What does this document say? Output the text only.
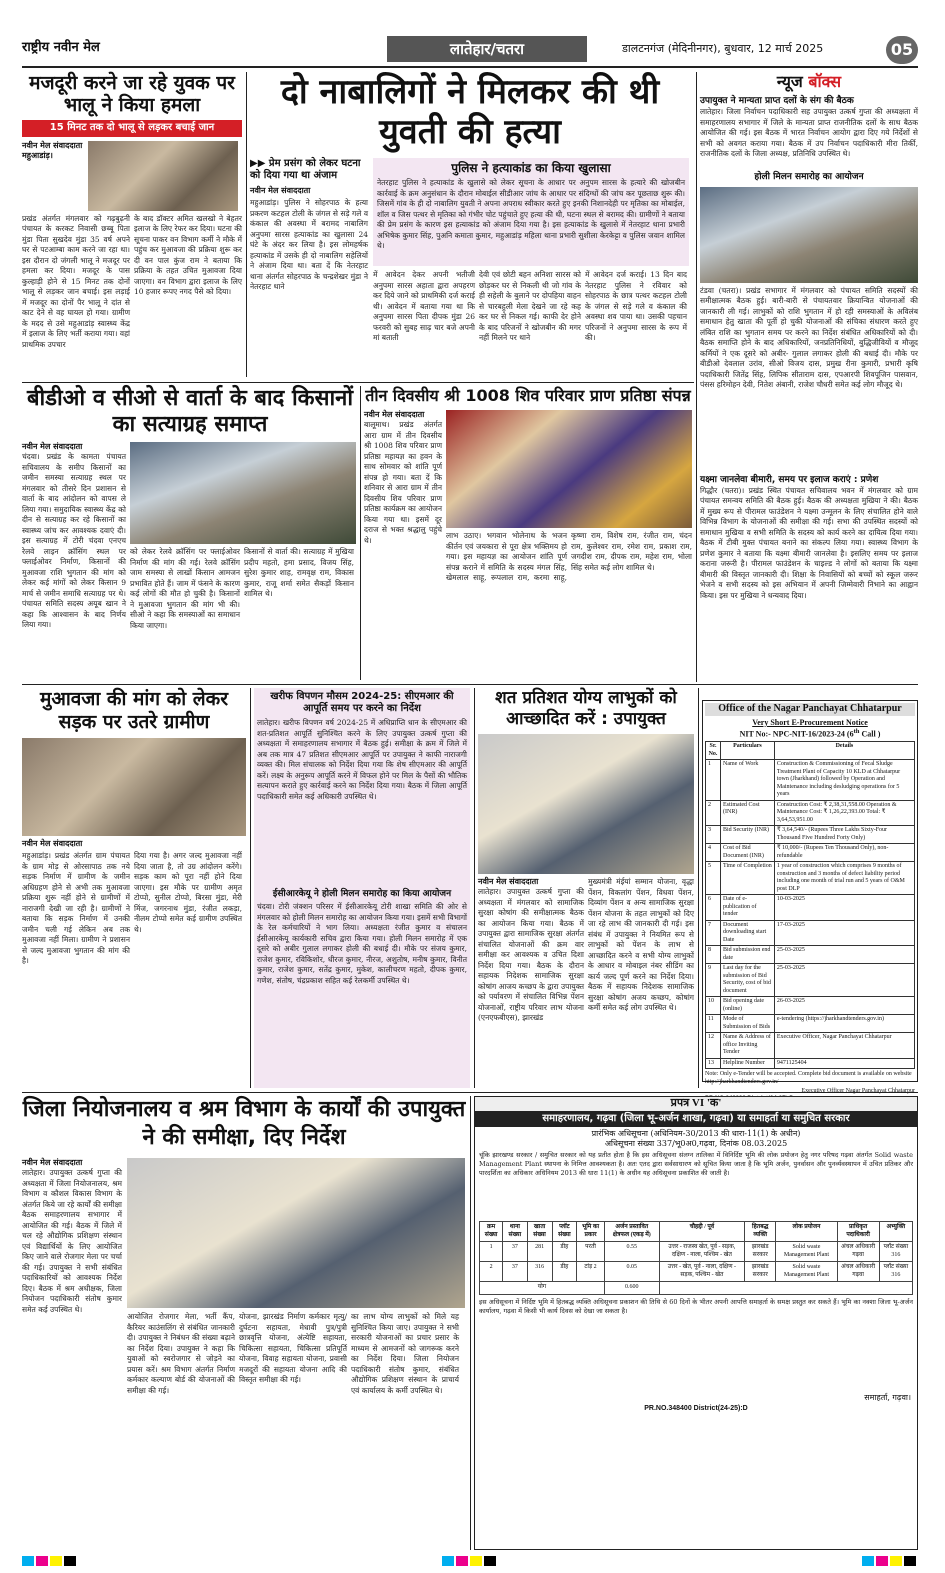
राष्ट्रीय नवीन मेल	लातेहार/चतरा	डालटनगंज (मेदिनीनगर), बुधवार, 12 मार्च 2025	05
मजदूरी करने जा रहे युवक पर भालू ने किया हमला
15 मिनट तक दो भालू से लड़कर बचाई जान
नवीन मेल संवाददाता
महुआडांड़।
प्रखंड अंतर्गत मंगलवार को गढ़बुढ़नी पंचायत के करकट निवासी छब्बू पिता मुंडा पिता सुखदेव मुंडा 35 वर्ष अपने घर से पटआम्बा काम करने जा रहा था। इस दौरान दो जंगली भालू ने मजदूर पर हमला कर दिया। मजदूर के पास कुल्हाड़ी होने से 15 मिनट तक दोनों भालू से लड़कर जान बचाई। इस लड़ाई में मजदूर का दोनों पैर भालू ने दांत से काट देने से वह घायल हो गया। ग्रामीण के मदद से उसे महुआडांड़ स्वास्थ्य केंद्र में इलाज के लिए भर्ती कराया गया। वहां प्राथमिक उपचार
के बाद डॉक्टर अमित खलखो ने बेहतर इलाज के लिए रेफर कर दिया। घटना की सूचना पाकर वन विभाग कर्मी ने मौके में पहुंच कर मुआवजा की प्रक्रिया शुरू कर दी वन पाल कुंज राम ने बताया कि प्रक्रिया के तहत उचित मुआवजा दिया जाएगा। वन विभाग द्वारा इलाज के लिए 10 हजार रूपए नगद पैसे को दिया।
दो नाबालिगों ने मिलकर की थी युवती की हत्या
▶▶ प्रेम प्रसंग को लेकर घटना को दिया गया था अंजाम
नवीन मेल संवाददाता
महुआडांड़। पुलिस ने सोहरपाठ के हत्या प्रकरण कटहल टोली के जंगल से सड़े गले व कंकाल की अवस्था में बरामद नाबालिग अनुपमा सारस हत्याकांड का खुलासा 24 घंटे के अंदर कर लिया है। इस लोमहर्षक हत्याकांड में उसके ही दो नाबालिग सहेलियों ने अंजाम दिया था। बता दें कि नेतरहाट थाना अंतर्गत सोहरपाठ के चन्द्रशेखर मुंडा ने नेतरहाट थाने
पुलिस ने हत्याकांड का किया खुलासा
नेतरहाट पुलिस ने हत्याकांड के खुलासे को लेकर सूचना के आधार पर अनुपम सारस के हत्यारे की खोजबीन कार्रवाई के क्रम अनुसंधान के दौरान मोबाईल सीडीआर जांच के आधार पर संदिग्धों की जांच कर पूछताछ शुरू की। जिसमें गांव के ही दो नाबालिग युवती ने अपना अपराध स्वीकार करते हुए इनकी निशानदेही पर मृतिका का मोबाईल, शॉल व जिस पत्थर से मृतिका को गंभीर चोट पहुंचाते हुए हत्या की थी, घटना स्थल से बरामद की। ग्रामीणों ने बताया की प्रेम प्रसंग के कारण इस हत्याकांड को अंजाम दिया गया है। इस हत्याकांड के खुलासे में नेतरहाट थाना प्रभारी अभिषेक कुमार सिंह, पुअनि कमाता कुमार, महुआडांड़ महिला थाना प्रभारी सुशीला केरकेट्टा व पुलिस जवान शामिल थे।
में आवेदन देकर अपनी भतीजी अनुपमा सारस अहाता द्वारा अपहरण कर दिये जाने को प्राथमिकी दर्ज कराई थी। आवेदन में बताया गया था कि अनुपमा सारस पिता दीपक मुंडा 26 फरवरी को सुबह साढ़ चार बजे अपनी मां बताती
देवी एवं छोटी बहन अनिशा सारस को छोड़कर घर से निकली थी जो गांव के ही सहेली के बुलाने पर दोपहिया वाहन से चारबहुली मेला देखने जा रहे कह कर घर से निकल गई। काफी देर होने के बाद परिजनों ने खोजबीन की मगर नहीं मिलने पर थाने
में आवेदन दर्ज कराई। 13 दिन बाद नेतरहाट पुलिस ने रविवार को सोहरपाठ के छात्र पत्थर कटहल टोली के जंगल से सड़े गले व कंकाल की अवस्था शव पाया था। उसकी पहचान परिजनों ने अनुपमा सारस के रूप में की।
न्यूज बॉक्स
उपायुक्त ने मान्यता प्राप्त दलों के संग की बैठक
लातेहार। जिला निर्वाचन पदाधिकारी सह उपायुक्त उत्कर्ष गुप्ता की अध्यक्षता में समाहरणालय सभागार में जिले के मान्यता प्राप्त राजनीतिक दलों के साथ बैठक आयोजित की गई। इस बैठक में भारत निर्वाचन आयोग द्वारा दिए गये निर्देशों से सभी को अवगत कराया गया। बैठक में उप निर्वाचन पदाधिकारी मीरा तिर्की, राजनीतिक दलों के जिला अध्यक्ष, प्रतिनिधि उपस्थित थे।
होली मिलन समारोह का आयोजन
टंडवा (चतरा)। प्रखंड सभागार में मंगलवार को पंचायत समिति सदस्यों की समीक्षात्मक बैठक हुई। बारी-बारी से पंचायतवार क्रियान्वित योजनाओं की जानकारी ली गई। लाभुकों को राशि भुगतान में हो रही समस्याओं के अविलंब समाधान हेतु खाता की पूर्ती हो चुकी योजनाओं की संचिका संधारण करते हुए लंबित राशि का भुगतान समय पर करने का निर्देश संबंधित अधिकारियों को दी। बैठक समाप्ति होने के बाद अधिकारियों, जनप्रतिनिधियों, बुद्धिजीवियों व मौजूद कर्मियों ने एक दूसरे को अबीर- गुलाल लगाकर होली की बधाई दी। मौके पर बीडीओ देवलाल उरांव, सीओ विजय दास, प्रमुख रीना कुमारी, प्रभारी कृषि पदाधिकारी जितेंद्र सिंह, लिपिक सीताराम दास, एपआरपी शिवपूजिन पासवान, पंसस हरिमोहन देवी, नितेश अंबानी, राजेश चौधरी समेत कई लोग मौजूद थे।
यक्ष्मा जानलेवा बीमारी, समय पर इलाज कराएं : प्रणेश
गिद्धौर (चतरा)। प्रखंड स्थित पंचायत सचिवालय भवन में मंगलवार को ग्राम पंचायत समन्वय समिति की बैठक हुई। बैठक की अध्यक्षता मुखिया ने की। बैठक में मुख्य रूप से पीरामल फाउंडेशन ने यक्ष्मा उन्मूलन के लिए संचालित होने वाले विभिन्न विभाग के योजनाओं की समीक्षा की गई। सभा की उपस्थित सदस्यों को समाधान मुखिया व सभी समिति के सदस्य को कार्य करने का दायित्व दिया गया। बैठक में टीबी मुक्त पंचायत बनाने का संकल्प लिया गया। स्वास्थ्य विभाग के प्रणेश कुमार ने बताया कि यक्ष्मा बीमारी जानलेवा है। इसलिए समय पर इलाज कराना जरूरी है। पीरामल फाउंडेशन के चाइल्ड ने लोगों को बताया कि यक्ष्मा बीमारी की विस्तृत जानकारी दी। शिक्षा के निवासियों को बच्चों को स्कूल जरूर भेजने व सभी सदस्य को इस अभियान में अपनी जिम्मेवारी निभाने का आह्वान किया। इस पर मुखिया ने धन्यवाद दिया।
बीडीओ व सीओ से वार्ता के बाद किसानों का सत्याग्रह समाप्त
नवीन मेल संवाददाता
चंदवा। प्रखंड के कामता पंचायत सचिवालय के समीप किसानों का जमीन समस्या सत्याग्रह स्थल पर मंगलवार को तीसरे दिन प्रशासन से वार्ता के बाद आंदोलन को वापस ले लिया गया। समुदायिक स्वास्थ्य केंद्र को दीन से सत्याग्रह कर रहे किसानों का स्वास्थ्य जांच कर आवश्यक दवाएं दी। इस सत्याग्रह में टोरी चंदवा एनएच रेलवे लाइन क्रॉसिंग स्थल पर फ्लाईओवर निर्माण, किसानों की मुआवजा राशि भुगतान की मांग को लेकर कई मांगों को लेकर किसान 9 मार्च से जमीन समाधि सत्याग्रह पर थे। पंचायत समिति सदस्य अयूब खान ने कहा कि आश्वासन के बाद निर्णय लिया गया।
को लेकर रेलवे क्रॉसिंग पर फ्लाईओवर निर्माण की मांग की गई। रेलवे क्रॉसिंग जाम समस्या से लाखों किसान आमजन प्रभावित होते हैं। जाम में फंसने के कारण कई लोगों की मौत हो चुकी है। किसानों ने मुआवजा भुगतान की मांग भी की। सीओ ने कहा कि समस्याओं का समाधान किया जाएगा।
किसानों से वार्ता की। सत्याग्रह में मुखिया प्रदीप महतो, हमा प्रसाद, विजय सिंह, सुरेश कुमार शाह, रामवृक्ष राम, विकास कुमार, राजू शर्मा समेत सैकड़ों किसान शामिल थे।
तीन दिवसीय श्री 1008 शिव परिवार प्राण प्रतिष्ठा संपन्न
नवीन मेल संवाददाता
बालूमाथ। प्रखंड अंतर्गत आरा ग्राम में तीन दिवसीय श्री 1008 शिव परिवार प्राण प्रतिष्ठा महायज्ञ का हवन के साथ सोमवार को शांति पूर्ण संपन्न हो गया। बता दें कि शनिवार से आरा ग्राम में तीन दिवसीय शिव परिवार प्राण प्रतिष्ठा कार्यक्रम का आयोजन किया गया था। इसमें दूर दराज से भक्त श्रद्धालु पहुंचे थे।	लाभ उठाए। भगवान भोलेनाथ के भजन कीर्तन एवं जयकारा से पूरा क्षेत्र भक्तिमय हो गया। इस महायज्ञ का आयोजन शांति पूर्ण संपन्न कराने में समिति के सदस्य मंगल सिंह, खेमलाल साहू, रूपलाल राम, करमा साहू, कृष्णा राम, विशेष राम, रंजीत राम, चंदन राम, कुलेश्वर राम, रमेश राम, प्रकाश राम, जगदीश राम, दीपक राम, महेश राम, भोला सिंह समेत कई लोग शामिल थे।
मुआवजा की मांग को लेकर सड़क पर उतरे ग्रामीण
नवीन मेल संवाददाता
महुआडांड़। प्रखंड अंतर्गत ग्राम पंचायत के ग्राम मोड़ से ओरसापाठ तक नये सड़क निर्माण में ग्रामीण के जमीन अधिग्रहण होने से अभी तक मुआवजा प्रक्रिया शुरू नहीं होने से ग्रामीणों में नाराजगी देखी जा रही है। ग्रामीणों ने बताया कि सड़क निर्माण में उनकी जमीन चली गई लेकिन अब तक मुआवजा नहीं मिला। ग्रामीण ने प्रशासन से जल्द मुआवजा भुगतान की मांग की है।
दिया गया है। अगर जल्द मुआवजा नहीं दिया जाता है, तो उग्र आंदोलन करेंगे। सड़क काम को पूरा नहीं होने दिया जाएगा। इस मौके पर ग्रामीण अमृत टोप्पो, सुनील टोप्पो, बिरसा मुंडा, मेरी मिंज, जगरनाथ मुंडा, रंजीत लकड़ा, नीलम टोप्पो समेत कई ग्रामीण उपस्थित थे।
खरीफ विपणन मौसम 2024-25: सीएमआर की आपूर्ति समय पर करने का निर्देश
लातेहार। खरीफ विपणन वर्ष 2024-25 में अधिप्राप्ति धान के सीएमआर की शत-प्रतिशत आपूर्ति सुनिश्चित करने के लिए उपायुक्त उत्कर्ष गुप्ता की अध्यक्षता में समाहरणालय सभागार में बैठक हुई। समीक्षा के क्रम में जिले में अब तक मात्र 47 प्रतिशत सीएमआर आपूर्ति पर उपायुक्त ने काफी नाराजगी व्यक्त की। मिल संचालक को निर्देश दिया गया कि शेष सीएमआर की आपूर्ति करें। लक्ष्य के अनुरूप आपूर्ति करने में विफल होने पर मिल के पैसों की भौतिक सत्यापन कराते हुए कार्रवाई करने का निर्देश दिया गया। बैठक में जिला आपूर्ति पदाधिकारी समेत कई अधिकारी उपस्थित थे।
ईसीआरकेयू ने होली मिलन समारोह का किया आयोजन
चंदवा। टोरी जंक्शन परिसर में ईसीआरकेयू टोरी शाखा समिति की ओर से मंगलवार को होली मिलन समारोह का आयोजन किया गया। इसमें सभी विभागों के रेल कर्मचारियों ने भाग लिया। अध्यक्षता रंजीत कुमार व संचालन ईसीआरकेयू कार्यकारी सचिव द्वारा किया गया। होली मिलन समारोह में एक दूसरे को अबीर गुलाल लगाकर होली की बधाई दी। मौके पर संजय कुमार, राजेश कुमार, रविकिशोर, धीरज कुमार, नीरज, अशुतोष, मनीष कुमार, विनीत कुमार, राजेश कुमार, सतेंद्र कुमार, मुकेश, कालीचरण महतो, दीपक कुमार, गणेश, संतोष, चंद्रप्रकाश सहित कई रेलकर्मी उपस्थित थे।
शत प्रतिशत योग्य लाभुकों को आच्छादित करें : उपायुक्त
नवीन मेल संवाददाता
लातेहार। उपायुक्त उत्कर्ष गुप्ता की अध्यक्षता में मंगलवार को सामाजिक सुरक्षा कोषांग की समीक्षात्मक बैठक का आयोजन किया गया। बैठक में उपायुक्त द्वारा सामाजिक सुरक्षा अंतर्गत संचालित योजनाओं की क्रम वार समीक्षा कर आवश्यक व उचित दिशा निर्देश दिया गया। बैठक के दौरान सहायक निदेशक सामाजिक सुरक्षा कोषांग आजय कच्छप के द्वारा उपायुक्त को पर्यावरण में संचालित विभिन्न पेंशन योजनाओं, राष्ट्रीय परिवार लाभ योजना (एनएफबीएस), झारखंड
मुख्यमंत्री मंईयां सम्मान योजना, वृद्धा पेंशन, विकलांग पेंशन, विधवा पेंशन, दिव्यांग पेंशन व अन्य सामाजिक सुरक्षा पेंशन योजना के तहत लाभुकों को दिए जा रहे लाभ की जानकारी दी गई। इस संबंध में उपायुक्त ने नियमित रूप से लाभुकों को पेंशन के लाभ से आच्छादित करने व सभी योग्य लाभुकों के आधार व मोबाइल नंबर सीडिंग का कार्य जल्द पूर्ण करने का निर्देश दिया। बैठक में सहायक निदेशक सामाजिक सुरक्षा कोषांग अजय कच्छप, कोषांग कर्मी समेत कई लोग उपस्थित थे।
Office of the Nagar Panchayat Chhatarpur
Very Short E-Procurement Notice
NIT No:- NPC-NIT-16/2023-24 (6th Call )
Sr. No.	Particulars	Details
1	Name of Work	Construction & Commissioning of Fecal Sludge Treatment Plant of Capacity 10 KLD at Chhatarpur town (Jharkhand) followed by Operation and Maintenance including desludging operations for 5 years
2	Estimated Cost (INR)	Construction Cost: ₹ 2,38,31,558.00 Operation & Maintenance Cost: ₹ 1,26,22,393.00 Total: ₹ 3,64,53,951.00
3	Bid Security (INR)	₹ 3,64,540/- (Rupees Three Lakhs Sixty-Four Thousand Five Hundred Forty Only)
4	Cost of Bid Document (INR)	₹ 10,000/- (Rupees Ten Thousand Only), non-refundable
5	Time of Completion	1 year of construction which comprises 9 months of construction and 3 months of defect liability period including one month of trial run and 5 years of O&M post DLP
6	Date of e-publication of tender	10-03-2025
7	Document downloading start Date	17-03-2025
8	Bid submission end date	25-03-2025
9	Last day for the submission of Bid Security, cost of bid document	25-03-2025
10	Bid opening date (online)	26-03-2025
11	Mode of Submission of Bids	e-tendering (https://jharkhandtenders.gov.in)
12	Name & Address of office Inviting Tender	Executive Officer, Nagar Panchayat Chhatarpur
13	Helpline Number	9471125404
Note: Only e-Tender will be accepted. Complete bid document is available on website http://jharkhandtenders.gov.in/
जिला नियोजनालय व श्रम विभाग के कार्यों की उपायुक्त ने की समीक्षा, दिए निर्देश
नवीन मेल संवाददाता
लातेहार। उपायुक्त उत्कर्ष गुप्ता की अध्यक्षता में जिला नियोजनालय, श्रम विभाग व कौशल विकास विभाग के अंतर्गत किये जा रहे कार्यों की समीक्षा बैठक समाहरणालय सभागार में आयोजित की गई। बैठक में जिले में चल रहे औद्योगिक प्रशिक्षण संस्थान एवं विद्यार्थियों के लिए आयोजित किए जाने वाले रोजगार मेला पर चर्चा की गई। उपायुक्त ने सभी संबंधित पदाधिकारियों को आवश्यक निर्देश दिए। बैठक में श्रम अधीक्षक, जिला नियोजन पदाधिकारी संतोष कुमार समेत कई उपस्थित थे।
आयोजित रोजगार मेला, भर्ती कैंप, कैरियर काउंसलिंग से संबंधित जानकारी दी। उपायुक्त ने निबंधन की संख्या बढ़ाने का निर्देश दिया। उपायुक्त ने कहा कि युवाओं को स्वरोजगार से जोड़ने का प्रयास करें। श्रम विभाग अंतर्गत निर्माण कर्मकार कल्याण बोर्ड की योजनाओं की समीक्षा की गई।
योजना, झारखंड निर्माण कर्मकार मृत्यु/दुर्घटना सहायता, मेधावी पुत्र/पुत्री छात्रवृत्ति योजना, अंत्येष्टि सहायता, चिकित्सा सहायता, चिकित्सा प्रतिपूर्ति योजना, विवाह सहायता योजना, प्रवासी मजदूरों की सहायता योजना आदि की विस्तृत समीक्षा की गई।
का लाभ योग्य लाभुकों को मिले यह सुनिश्चित किया जाए। उपायुक्त ने सभी सरकारी योजनाओं का प्रचार प्रसार के माध्यम से आमजनों को जागरूक करने का निर्देश दिया। जिला नियोजन पदाधिकारी संतोष कुमार, संबंधित औद्योगिक प्रशिक्षण संस्थान के प्राचार्य एवं कार्यालय के कर्मी उपस्थित थे।
प्रपत्र VI 'क'
समाहरणालय, गढ़वा (जिला भू-अर्जन शाखा, गढ़वा) या समाहर्ता या समुचित सरकार
प्रारंभिक अधिसूचना (अधिनियम-30/2013 की धारा-11(1) के अधीन)
अधिसूचना संख्या 337/भू0अ0,गढ़वा, दिनांक 08.03.2025
चूंकि झारखण्ड सरकार / समुचित सरकार को यह प्रतीत होता है कि इस अधिसूचना संलग्न तालिका में विनिर्दिष्ट भूमि की लोक प्रयोजन हेतु नगर परिषद गढ़वा अंतर्गत Solid waste Management Plant स्थापना के निमित्त आवश्यकता है। अतः एतद द्वारा सर्वसाधारण को सूचित किया जाता है कि भूमि अर्जन, पुनर्वासन और पुनर्व्यवस्थापन में उचित प्रतिकर और पारदर्शिता का अधिकार अधिनियम 2013 की धारा 11(1) के अधीन यह अधिसूचना प्रकाशित की जाती है।
क्रम संख्या	थाना संख्या	खाता संख्या	प्लॉट संख्या	भूमि का प्रकार	अर्जन प्रस्तावित क्षेत्रफल (एकड़ में)	चौहद्दी / पूर्व	हितबद्ध व्यक्ति	लोक प्रयोजन	प्राधिकृत पदाधिकारी	अभ्युक्ति
1	37	281	डीह	परती	0.55	उत्तर - राजस्व खेत, पूर्व - सड़क, दक्षिण - नाला, पश्चिम - खेत	झारखंड सरकार	Solid waste Management Plant	अंचल अधिकारी गढ़वा	प्लॉट संख्या 316
2	37	316	डीह	टांड़ 2	0.05	उत्तर - खेत, पूर्व - नाला, दक्षिण - सड़क, पश्चिम - खेत	झारखंड सरकार	Solid waste Management Plant	अंचल अधिकारी गढ़वा	प्लॉट संख्या 316
योग					0.600					
इस अधिसूचना में निर्दिष्ट भूमि में हितबद्ध व्यक्ति अधिसूचना प्रकाशन की तिथि से 60 दिनों के भीतर अपनी आपत्ति समाहर्ता के समक्ष प्रस्तुत कर सकते हैं। भूमि का नक्शा जिला भू-अर्जन कार्यालय, गढ़वा में किसी भी कार्य दिवस को देखा जा सकता है।
समाहर्ता, गढ़वा।
PR.NO.348400 District(24-25):D
